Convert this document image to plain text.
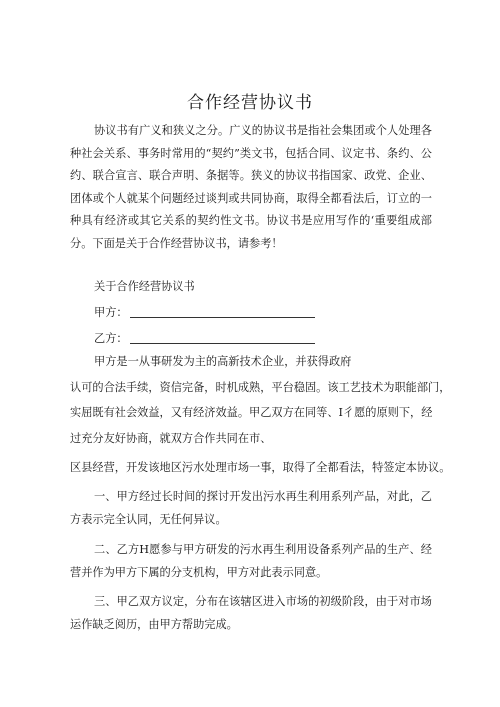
合作经营协议书

协议书有广义和狭义之分。广义的协议书是指社会集团或个人处理各种社会关系、事务时常用的“契约”类文书，包括合同、议定书、条约、公约、联合宣言、联合声明、条据等。狭义的协议书指国家、政党、企业、团体或个人就某个问题经过谈判或共同协商，取得全都看法后，订立的一种具有经济或其它关系的契约性文书。协议书是应用写作的‘重要组成部分。下面是关于合作经营协议书，请参考！

关于合作经营协议书

甲方：
乙方：

甲方是一从事研发为主的高新技术企业，并获得政府

认可的合法手续，资信完备，时机成熟，平台稳固。该工艺技术为职能部门，

实屈既有社会效益，又有经济效益。甲乙双方在同等、I彳愿的原则下，经

过充分友好协商，就双方合作共同在市、

区县经营，开发该地区污水处理市场一事，取得了全都看法，特签定本协议。

一、甲方经过长时间的探讨开发出污水再生利用系列产品，对此，乙方表示完全认同，无任何异议。

二、乙方H愿参与甲方研发的污水再生利用设备系列产品的生产、经营并作为甲方下属的分支机构，甲方对此表示同意。

三、甲乙双方议定，分布在该辖区进入市场的初级阶段，由于对市场运作缺乏阅历，由甲方帮助完成。
